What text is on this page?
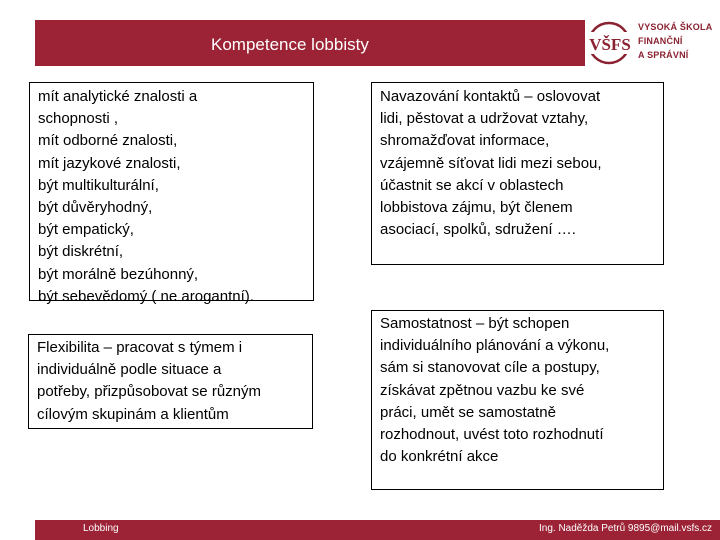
Kompetence lobbisty	VŠFS
VYSOKÁ ŠKOLA
FINANČNÍ
A SPRÁVNÍ
mít analytické znalosti a
schopnosti ,
mít odborné znalosti,
mít jazykové znalosti,
být multikulturální,
být důvěryhodný,
být empatický,
být diskrétní,
být morálně bezúhonný,
být sebevědomý ( ne arogantní).
Navazování kontaktů – oslovovat
lidi, pěstovat a udržovat vztahy,
shromažďovat informace,
vzájemně síťovat lidi mezi sebou,
účastnit se akcí v oblastech
lobbistova zájmu, být členem
asociací, spolků, sdružení ….
Flexibilita – pracovat s týmem i
individuálně podle situace a
potřeby, přizpůsobovat se různým
cílovým skupinám a klientům
Samostatnost – být schopen
individuálního plánování a výkonu,
sám si stanovovat cíle a postupy,
získávat zpětnou vazbu ke své
práci, umět se samostatně
rozhodnout, uvést toto rozhodnutí
do konkrétní akce
Lobbing	Ing. Naděžda Petrů 9895@mail.vsfs.cz
